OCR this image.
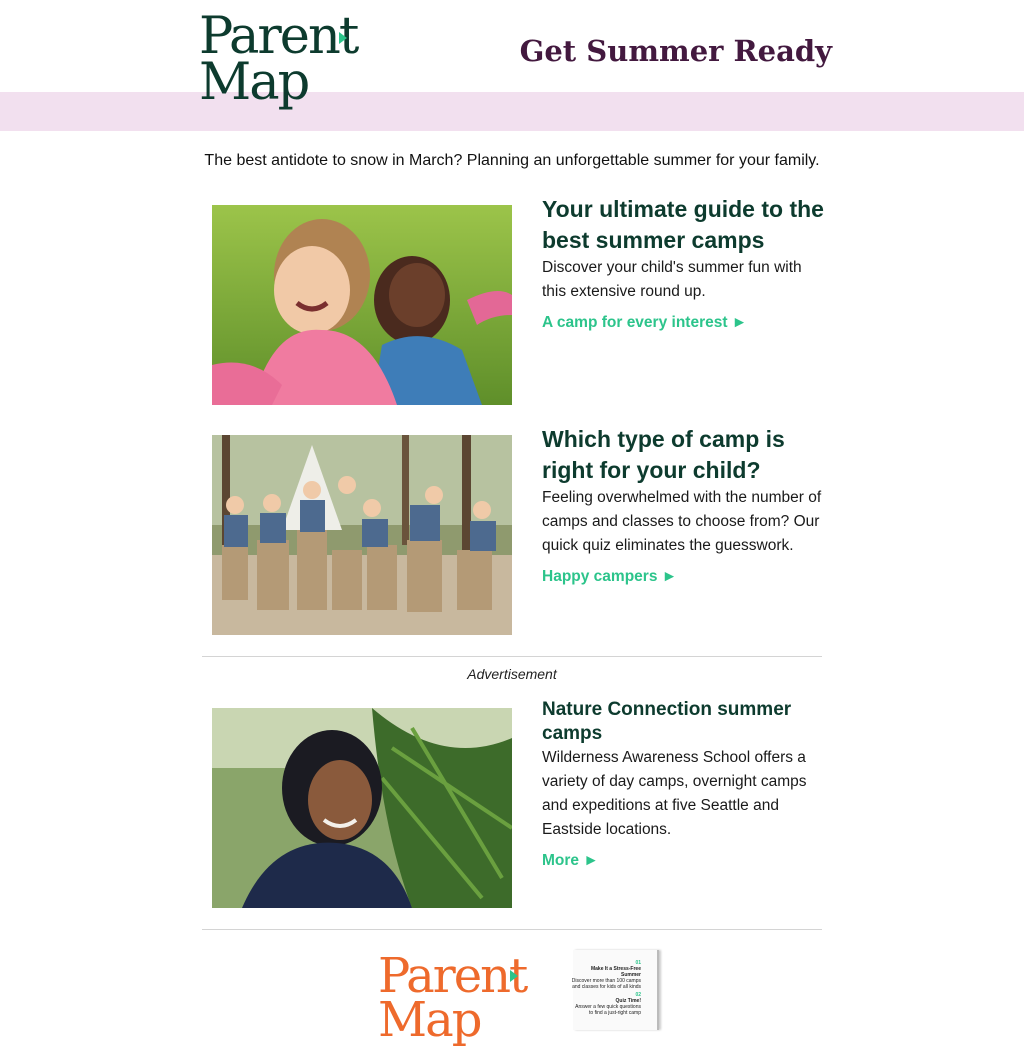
Parent
Map
Get Summer Ready
The best antidote to snow in March? Planning an unforgettable summer for your family.
Your ultimate guide to the best summer camps

Discover your child's summer fun with this extensive round up.

A camp for every interest ►
Which type of camp is right for your child?

Feeling overwhelmed with the number of camps and classes to choose from? Our quick quiz eliminates the guesswork.

Happy campers ►
Advertisement
Nature Connection summer camps

Wilderness Awareness School offers a variety of day camps, overnight camps and expeditions at five Seattle and Eastside locations.

More ►
Parent
Map
01
Make It a Stress-Free Summer
Discover more than 100 camps and classes for kids of all kinds
02
Quiz Time!
Answer a few quick questions to find a just-right camp
